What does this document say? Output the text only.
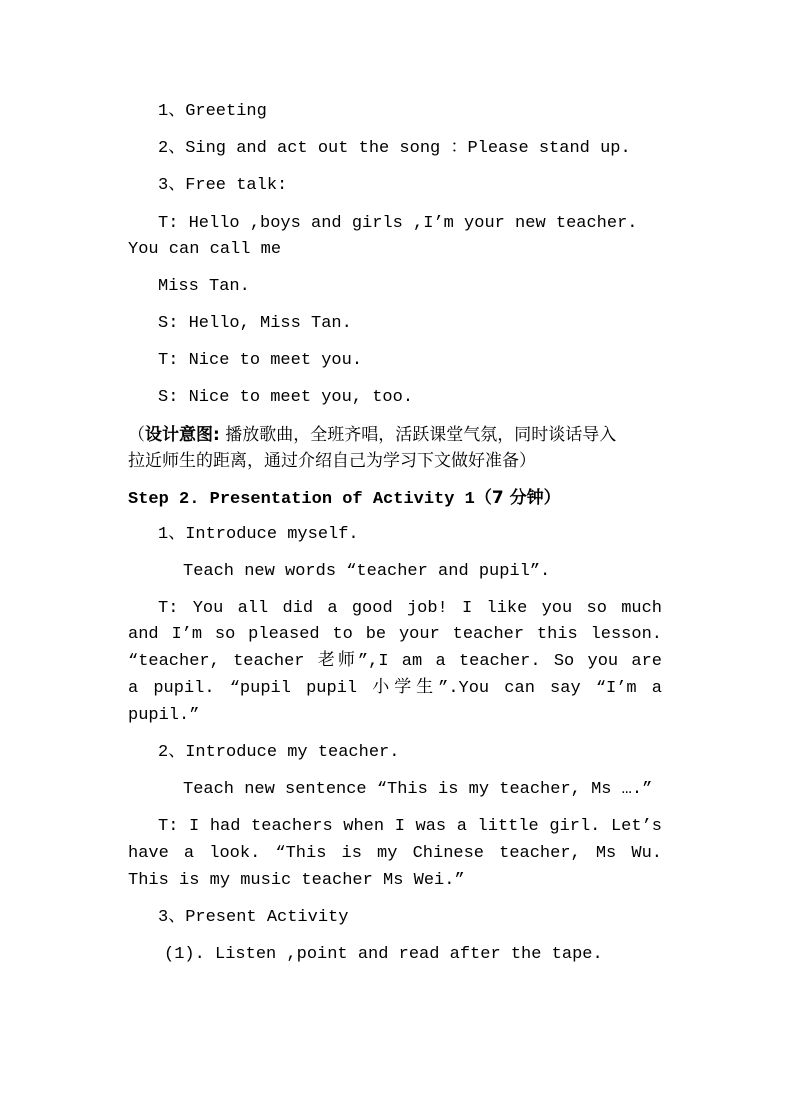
1、Greeting
2、Sing and act out the song ：Please stand up.
3、Free talk:
T: Hello ,boys and girls ,I’m your new teacher.
You can call me
Miss Tan.
S: Hello, Miss Tan.
T: Nice to meet you.
S: Nice to meet you, too.
（设计意图: 播放歌曲，全班齐唱，活跃课堂气氛，同时谈话导入
拉近师生的距离，通过介绍自己为学习下文做好准备）
Step 2. Presentation of Activity 1（7 分钟）
1、Introduce myself.
Teach new words “teacher and pupil”.
T: You all did a good job! I like you so much
and I’m so pleased to be your teacher this lesson.
“teacher, teacher 老师”,I am a teacher. So you are
a pupil. “pupil pupil 小学生”.You can say “I’m a
pupil.”
2、Introduce my teacher.
Teach new sentence “This is my teacher, Ms ….”
T: I had teachers when I was a little girl. Let’s
have a look. “This is my Chinese teacher, Ms Wu.
This is my music teacher Ms Wei.”
3、Present Activity
(1). Listen ,point and read after the tape.
